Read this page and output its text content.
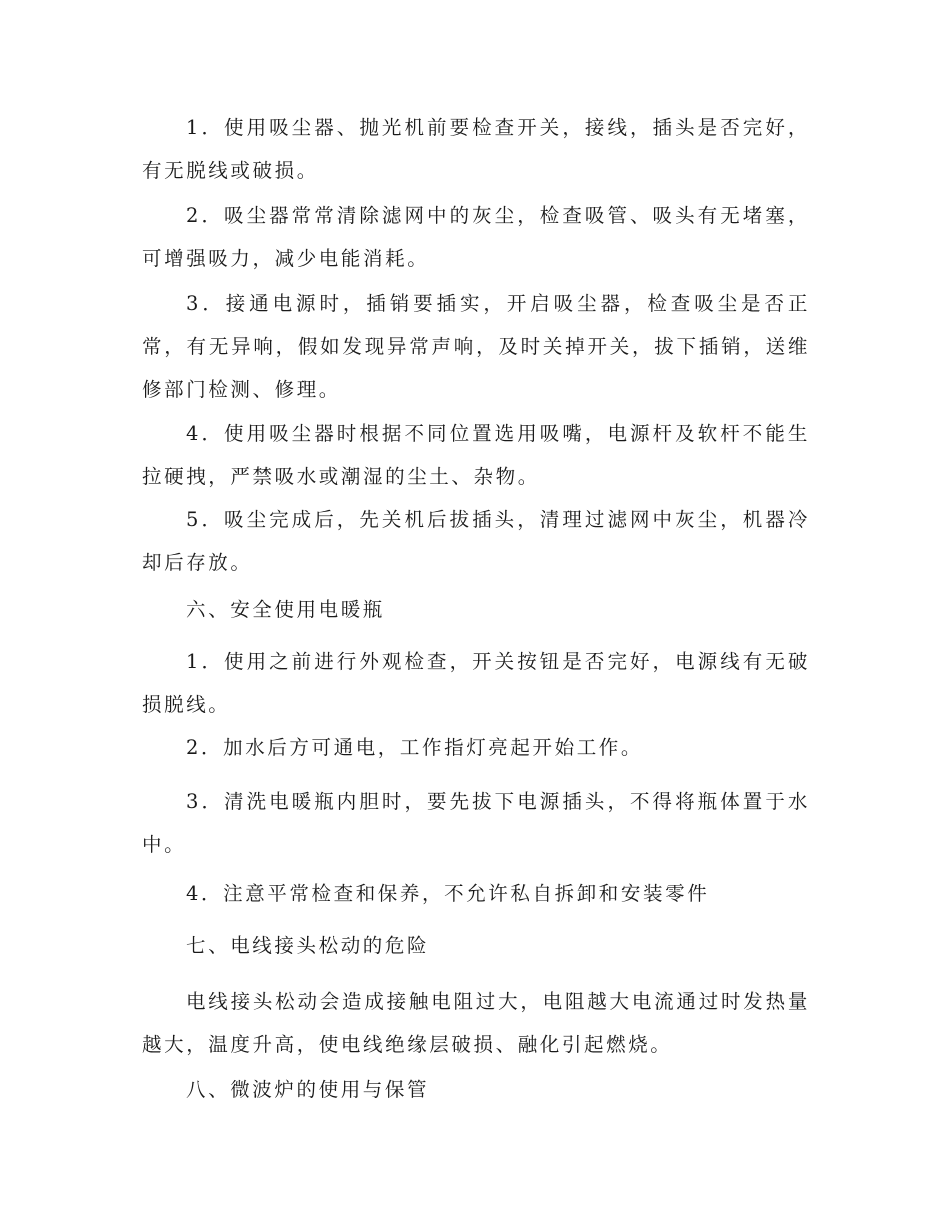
1．使用吸尘器、抛光机前要检查开关，接线，插头是否完好，有无脱线或破损。

2．吸尘器常常清除滤网中的灰尘，检查吸管、吸头有无堵塞，可增强吸力，减少电能消耗。

3．接通电源时，插销要插实，开启吸尘器，检查吸尘是否正常，有无异响，假如发现异常声响，及时关掉开关，拔下插销，送维修部门检测、修理。

4．使用吸尘器时根据不同位置选用吸嘴，电源杆及软杆不能生拉硬拽，严禁吸水或潮湿的尘土、杂物。

5．吸尘完成后，先关机后拔插头，清理过滤网中灰尘，机器冷却后存放。

六、安全使用电暖瓶

1．使用之前进行外观检查，开关按钮是否完好，电源线有无破损脱线。

2．加水后方可通电，工作指灯亮起开始工作。

3．清洗电暖瓶内胆时，要先拔下电源插头，不得将瓶体置于水中。

4．注意平常检查和保养，不允许私自拆卸和安装零件

七、电线接头松动的危险

电线接头松动会造成接触电阻过大，电阻越大电流通过时发热量越大，温度升高，使电线绝缘层破损、融化引起燃烧。

八、微波炉的使用与保管
